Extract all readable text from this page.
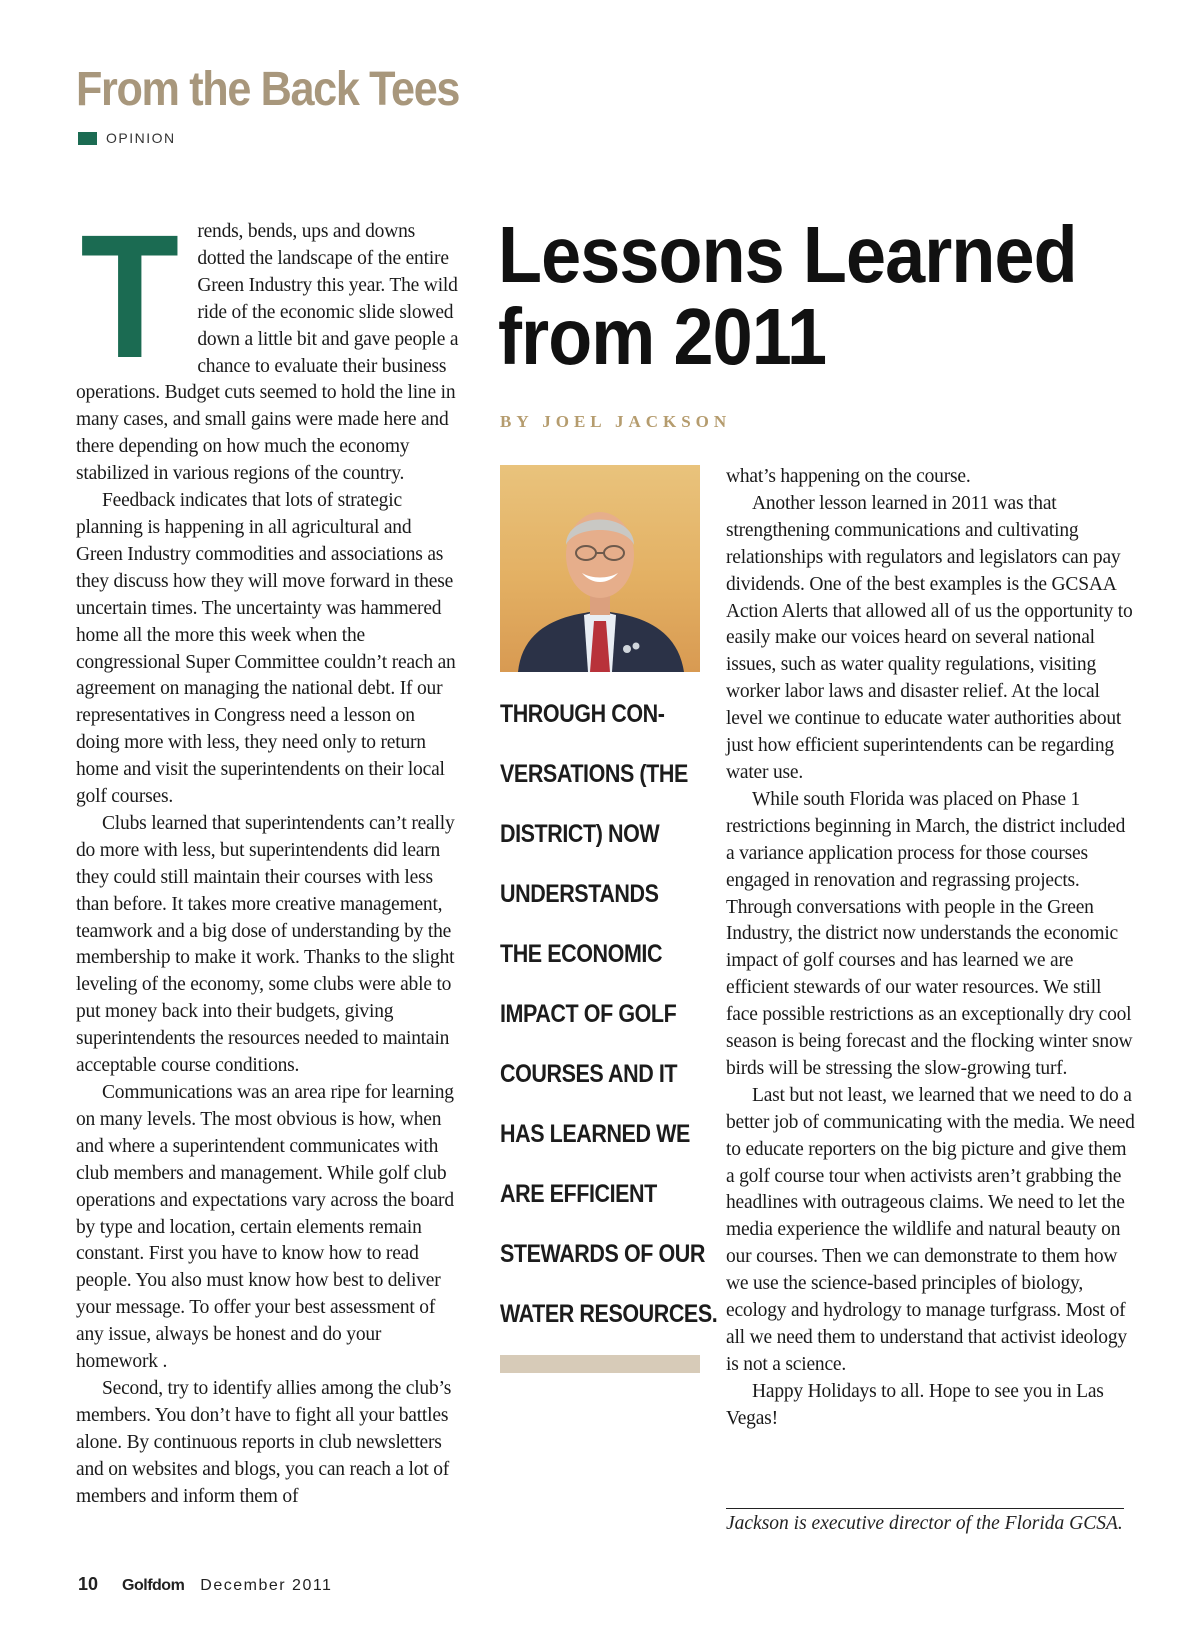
From the Back Tees
OPINION
T rends, bends, ups and downs dotted the landscape of the entire Green Industry this year. The wild ride of the economic slide slowed down a little bit and gave people a chance to evaluate their business operations. Budget cuts seemed to hold the line in many cases, and small gains were made here and there depending on how much the economy stabilized in various regions of the country.

Feedback indicates that lots of strategic planning is happening in all agricultural and Green Industry commodities and associations as they discuss how they will move forward in these uncertain times. The uncertainty was hammered home all the more this week when the congressional Super Committee couldn’t reach an agreement on managing the national debt. If our representatives in Congress need a lesson on doing more with less, they need only to return home and visit the superintendents on their local golf courses.

Clubs learned that superintendents can’t really do more with less, but superintendents did learn they could still maintain their courses with less than before. It takes more creative management, teamwork and a big dose of understanding by the membership to make it work. Thanks to the slight leveling of the economy, some clubs were able to put money back into their budgets, giving superintendents the resources needed to maintain acceptable course conditions.

Communications was an area ripe for learning on many levels. The most obvious is how, when and where a superintendent communicates with club members and management. While golf club operations and expectations vary across the board by type and location, certain elements remain constant. First you have to know how to read people. You also must know how best to deliver your message. To offer your best assessment of any issue, always be honest and do your homework .

Second, try to identify allies among the club’s members. You don’t have to fight all your battles alone. By continuous reports in club newsletters and on websites and blogs, you can reach a lot of members and inform them of

Lessons Learned
from 2011
BY JOEL JACKSON
THROUGH CON-
VERSATIONS (THE
DISTRICT) NOW
UNDERSTANDS
THE ECONOMIC
IMPACT OF GOLF
COURSES AND IT
HAS LEARNED WE
ARE EFFICIENT
STEWARDS OF OUR
WATER RESOURCES.

what’s happening on the course.

Another lesson learned in 2011 was that strengthening communications and cultivating relationships with regulators and legislators can pay dividends. One of the best examples is the GCSAA Action Alerts that allowed all of us the opportunity to easily make our voices heard on several national issues, such as water quality regulations, visiting worker labor laws and disaster relief. At the local level we continue to educate water authorities about just how efficient superintendents can be regarding water use.

While south Florida was placed on Phase 1 restrictions beginning in March, the district included a variance application process for those courses engaged in renovation and regrassing projects. Through conversations with people in the Green Industry, the district now understands the economic impact of golf courses and has learned we are efficient stewards of our water resources. We still face possible restrictions as an exceptionally dry cool season is being forecast and the flocking winter snow birds will be stressing the slow-growing turf.

Last but not least, we learned that we need to do a better job of communicating with the media. We need to educate reporters on the big picture and give them a golf course tour when activists aren’t grabbing the headlines with outrageous claims. We need to let the media experience the wildlife and natural beauty on our courses. Then we can demonstrate to them how we use the science-based principles of biology, ecology and hydrology to manage turfgrass. Most of all we need them to understand that activist ideology is not a science.

Happy Holidays to all. Hope to see you in Las Vegas!

Jackson is executive director of the Florida GCSA.
10 Golfdom December 2011
